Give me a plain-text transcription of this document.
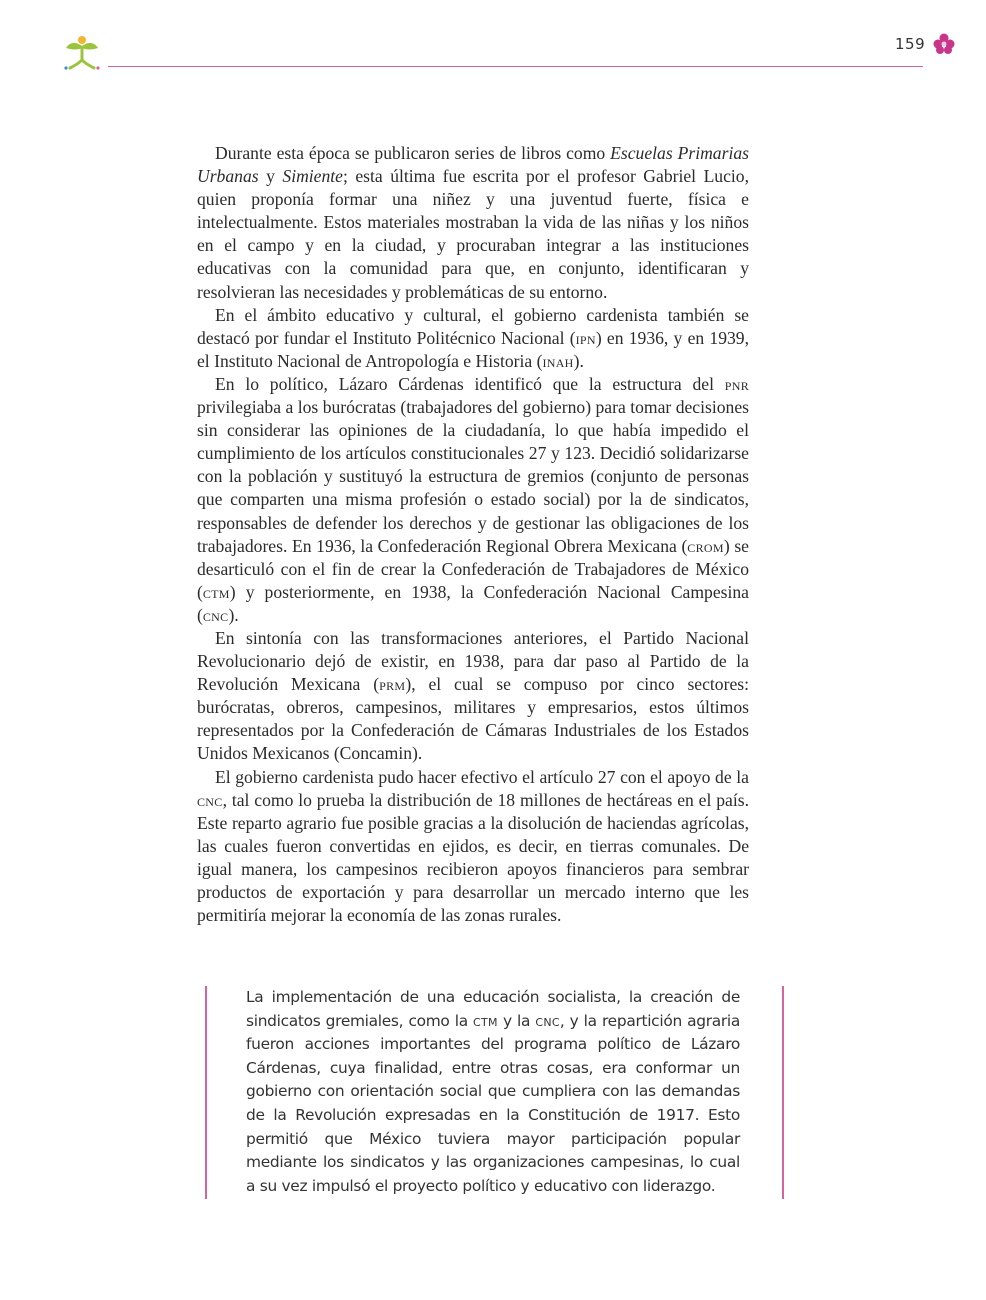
159

Durante esta época se publicaron series de libros como Escuelas Primarias Urbanas y Simiente; esta última fue escrita por el profesor Gabriel Lucio, quien proponía formar una niñez y una juventud fuerte, física e intelectualmente. Estos materiales mostraban la vida de las niñas y los niños en el campo y en la ciudad, y procuraban integrar a las instituciones educativas con la comunidad para que, en conjunto, identificaran y resolvieran las necesidades y problemáticas de su entorno.

En el ámbito educativo y cultural, el gobierno cardenista también se destacó por fundar el Instituto Politécnico Nacional (ipn) en 1936, y en 1939, el Instituto Nacional de Antropología e Historia (inah).

En lo político, Lázaro Cárdenas identificó que la estructura del pnr privilegiaba a los burócratas (trabajadores del gobierno) para tomar decisiones sin considerar las opiniones de la ciudadanía, lo que había impedido el cumplimiento de los artículos constitucionales 27 y 123. Decidió solidarizarse con la población y sustituyó la estructura de gremios (conjunto de personas que comparten una misma profesión o estado social) por la de sindicatos, responsables de defender los derechos y de gestionar las obligaciones de los trabajadores. En 1936, la Confederación Regional Obrera Mexicana (crom) se desarticuló con el fin de crear la Confederación de Trabajadores de México (ctm) y posteriormente, en 1938, la Confederación Nacional Campesina (cnc).

En sintonía con las transformaciones anteriores, el Partido Nacional Revolucionario dejó de existir, en 1938, para dar paso al Partido de la Revolución Mexicana (prm), el cual se compuso por cinco sectores: burócratas, obreros, campesinos, militares y empresarios, estos últimos representados por la Confederación de Cámaras Industriales de los Estados Unidos Mexicanos (Concamin).

El gobierno cardenista pudo hacer efectivo el artículo 27 con el apoyo de la cnc, tal como lo prueba la distribución de 18 millones de hectáreas en el país. Este reparto agrario fue posible gracias a la disolución de haciendas agrícolas, las cuales fueron convertidas en ejidos, es decir, en tierras comunales. De igual manera, los campesinos recibieron apoyos financieros para sembrar productos de exportación y para desarrollar un mercado interno que les permitiría mejorar la economía de las zonas rurales.

La implementación de una educación socialista, la creación de sindicatos gremiales, como la ctm y la cnc, y la repartición agraria fueron acciones importantes del programa político de Lázaro Cárdenas, cuya finalidad, entre otras cosas, era conformar un gobierno con orientación social que cumpliera con las demandas de la Revolución expresadas en la Constitución de 1917. Esto permitió que México tuviera mayor participación popular mediante los sindicatos y las organizaciones campesinas, lo cual a su vez impulsó el proyecto político y educativo con liderazgo.
